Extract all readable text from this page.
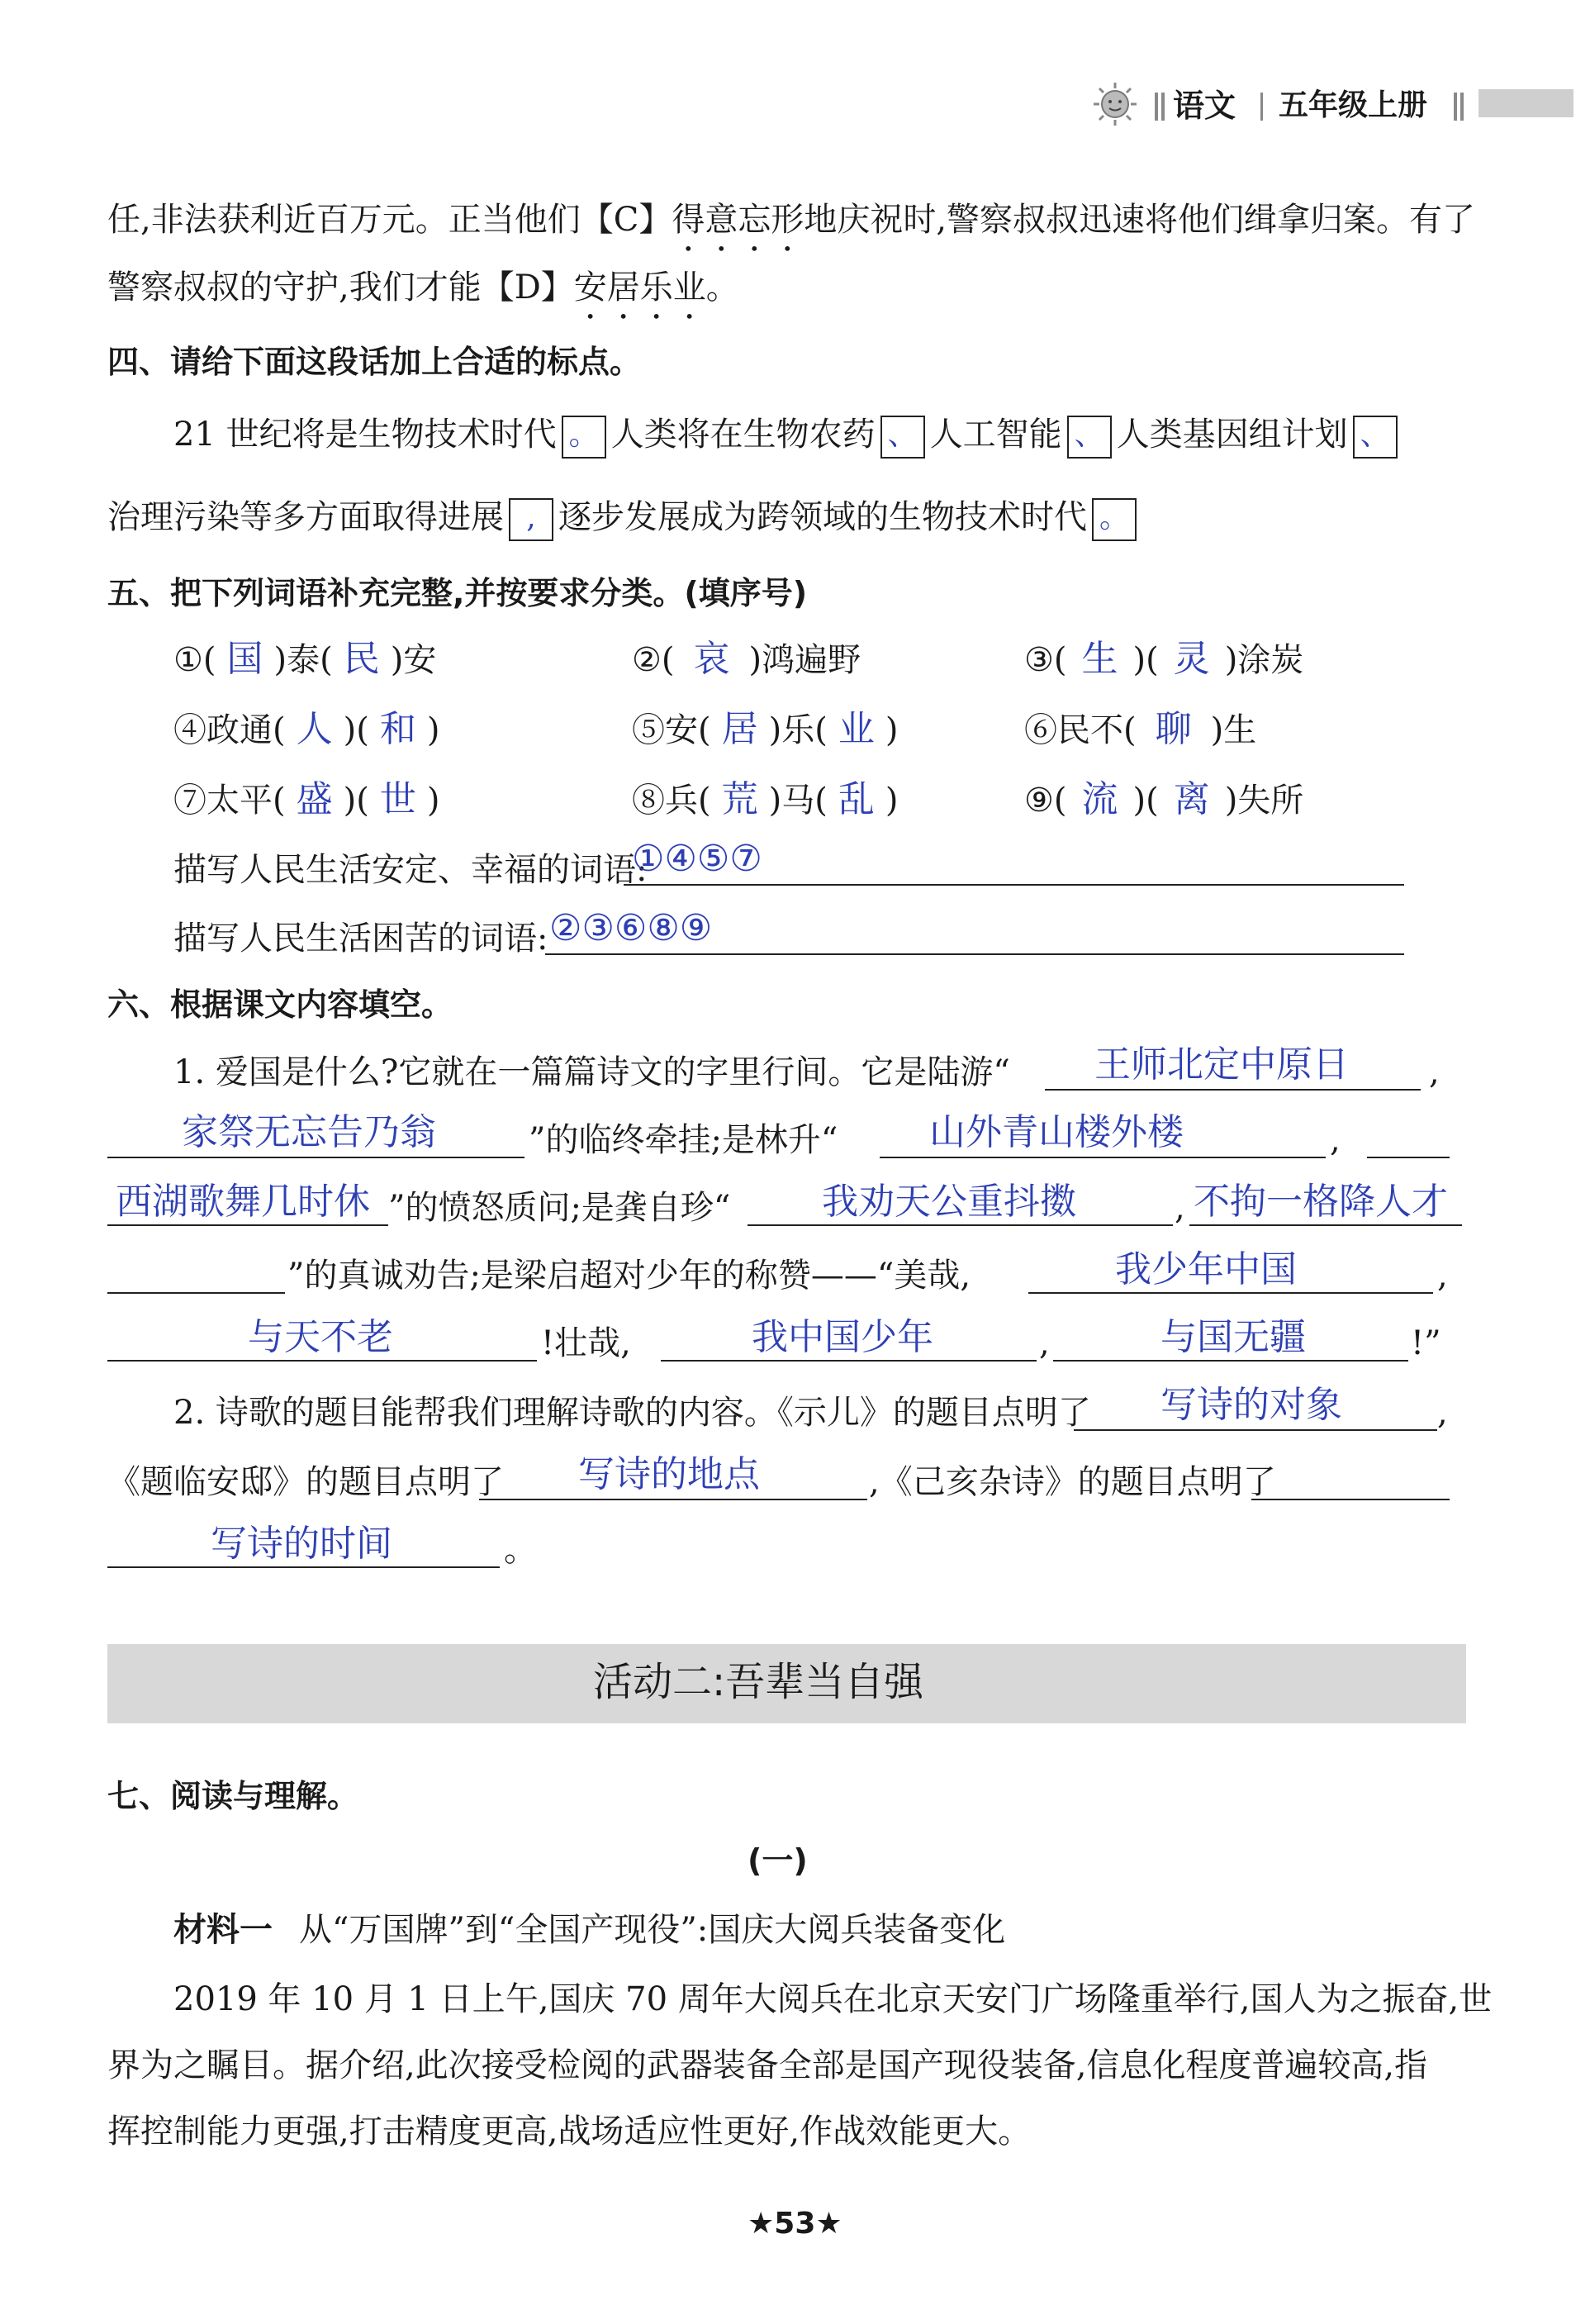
语文 五年级上册
任,非法获利近百万元。正当他们【C】得意忘形地庆祝时,警察叔叔迅速将他们缉拿归案。有了
警察叔叔的守护,我们才能【D】安居乐业。
四、请给下面这段话加上合适的标点。
21 世纪将是生物技术时代 。 人类将在生物农药 、 人工智能 、 人类基因组计划 、
治理污染等多方面取得进展 , 逐步发展成为跨领域的生物技术时代 。
五、把下列词语补充完整,并按要求分类。(填序号)
①( 国 )泰( 民 )安	②( 哀 )鸿遍野	③( 生 )( 灵 )涂炭
④政通( 人 )( 和 )	⑤安( 居 )乐( 业 )	⑥民不( 聊 )生
⑦太平( 盛 )( 世 )	⑧兵( 荒 )马( 乱 )	⑨( 流 )( 离 )失所
描写人民生活安定、幸福的词语:
①④⑤⑦
描写人民生活困苦的词语: ②③⑥⑧⑨
六、根据课文内容填空。
1. 爱国是什么?它就在一篇篇诗文的字里行间。它是陆游“ 王师北定中原日 ,
家祭无忘告乃翁	”的临终牵挂;是林升“	山外青山楼外楼	,
西湖歌舞几时休 ”的愤怒质问;是龚自珍“	我劝天公重抖擞	, 不拘一格降人才
”的真诚劝告;是梁启超对少年的称赞——“美哉,	我少年中国	,
与天不老	!壮哉,	我中国少年	,	与国无疆	!”
2. 诗歌的题目能帮我们理解诗歌的内容。《示儿》的题目点明了 写诗的对象	,
《题临安邸》的题目点明了 写诗的地点	,《己亥杂诗》的题目点明了
写诗的时间	。
活动二:吾辈当自强
七、阅读与理解。
(一)
材料一 从“万国牌”到“全国产现役”:国庆大阅兵装备变化
2019 年 10 月 1 日上午,国庆 70 周年大阅兵在北京天安门广场隆重举行,国人为之振奋,世
界为之瞩目。据介绍,此次接受检阅的武器装备全部是国产现役装备,信息化程度普遍较高,指
挥控制能力更强,打击精度更高,战场适应性更好,作战效能更大。
★53★
